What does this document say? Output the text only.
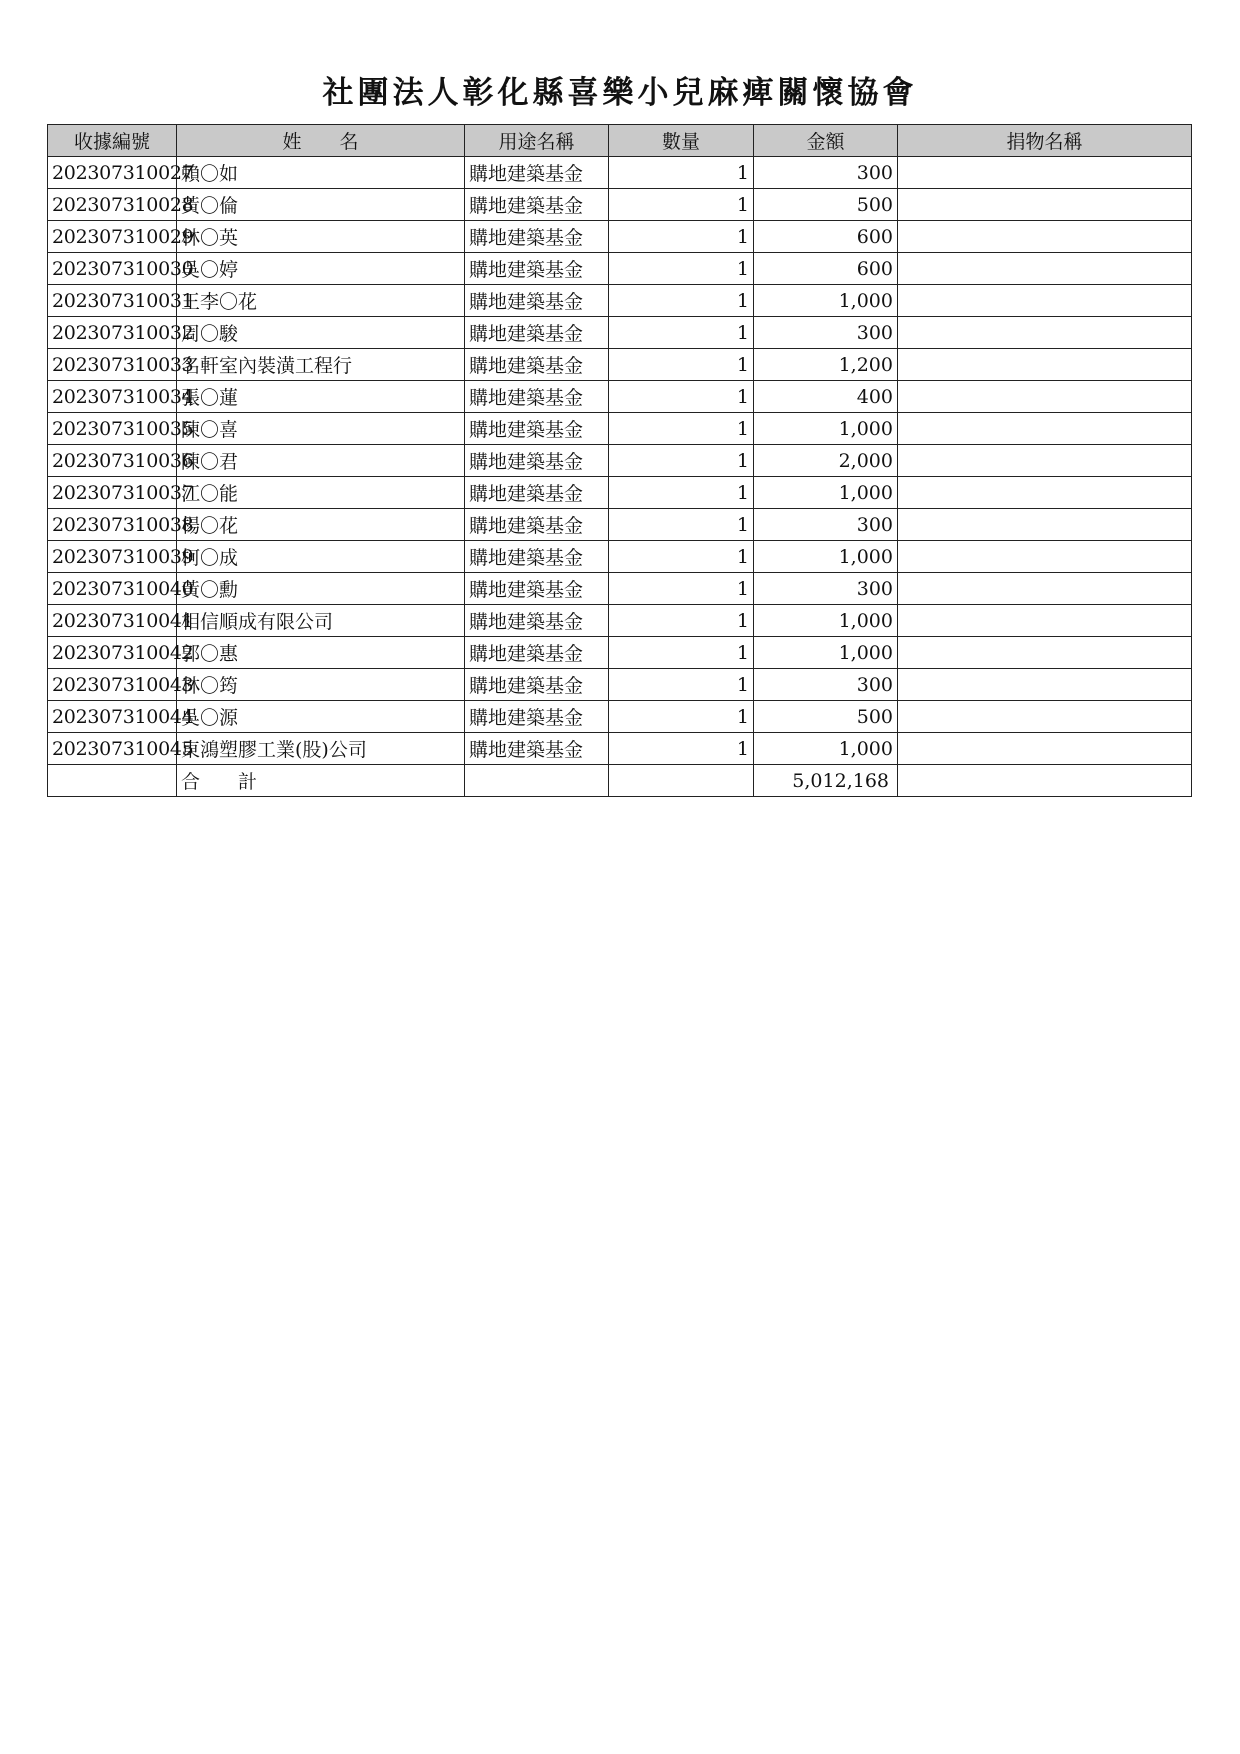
社團法人彰化縣喜樂小兒麻痺關懷協會
收據編號	姓　　名	用途名稱	數量	金額	捐物名稱
202307310027	賴〇如	購地建築基金	1	300	
202307310028	黃〇倫	購地建築基金	1	500	
202307310029	林〇英	購地建築基金	1	600	
202307310030	吳〇婷	購地建築基金	1	600	
202307310031	王李〇花	購地建築基金	1	1,000	
202307310032	周〇駿	購地建築基金	1	300	
202307310033	名軒室內裝潢工程行	購地建築基金	1	1,200	
202307310034	張〇蓮	購地建築基金	1	400	
202307310035	陳〇喜	購地建築基金	1	1,000	
202307310036	陳〇君	購地建築基金	1	2,000	
202307310037	江〇能	購地建築基金	1	1,000	
202307310038	楊〇花	購地建築基金	1	300	
202307310039	柯〇成	購地建築基金	1	1,000	
202307310040	黃〇勳	購地建築基金	1	300	
202307310041	相信順成有限公司	購地建築基金	1	1,000	
202307310042	郭〇惠	購地建築基金	1	1,000	
202307310043	林〇筠	購地建築基金	1	300	
202307310044	吳〇源	購地建築基金	1	500	
202307310045	東鴻塑膠工業(股)公司	購地建築基金	1	1,000	
	合　　計			5,012,168	
